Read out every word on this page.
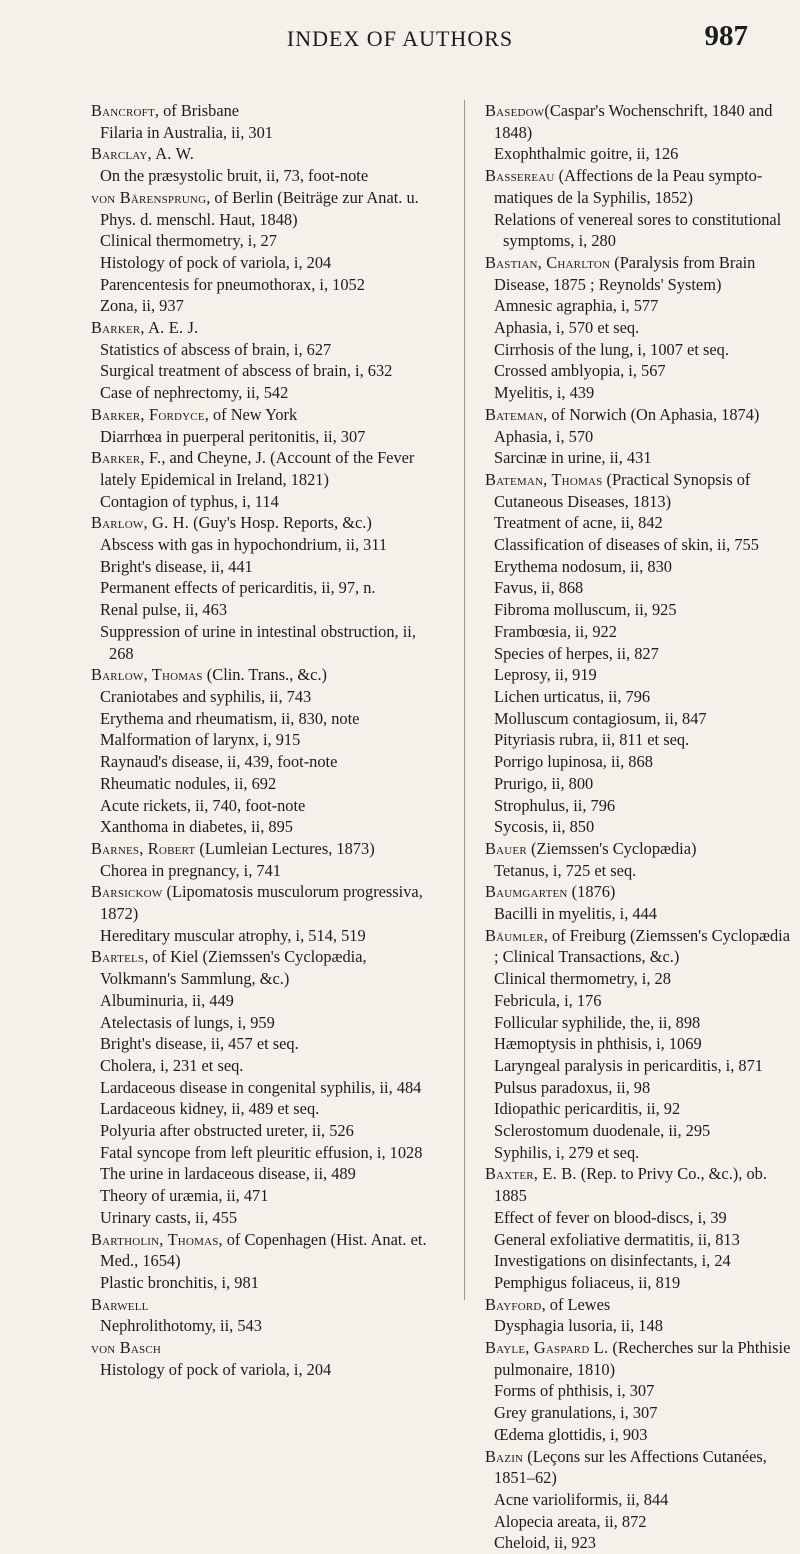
INDEX OF AUTHORS	987
Bancroft, of Brisbane
Filaria in Australia, ii, 301
Barclay, A. W.
On the præsystolic bruit, ii, 73, foot-note
von Bärensprung, of Berlin (Beiträge zur Anat. u. Phys. d. menschl. Haut, 1848)
Clinical thermometry, i, 27
Histology of pock of variola, i, 204
Parencentesis for pneumothorax, i, 1052
Zona, ii, 937
Barker, A. E. J.
Statistics of abscess of brain, i, 627
Surgical treatment of abscess of brain, i, 632
Case of nephrectomy, ii, 542
Barker, Fordyce, of New York
Diarrhœa in puerperal peritonitis, ii, 307
Barker, F., and Cheyne, J. (Account of the Fever lately Epidemical in Ireland, 1821)
Contagion of typhus, i, 114
Barlow, G. H. (Guy's Hosp. Reports, &c.)
Abscess with gas in hypochondrium, ii, 311
Bright's disease, ii, 441
Permanent effects of pericarditis, ii, 97, n.
Renal pulse, ii, 463
Suppression of urine in intestinal obstruction, ii, 268
Barlow, Thomas (Clin. Trans., &c.)
Craniotabes and syphilis, ii, 743
Erythema and rheumatism, ii, 830, note
Malformation of larynx, i, 915
Raynaud's disease, ii, 439, foot-note
Rheumatic nodules, ii, 692
Acute rickets, ii, 740, foot-note
Xanthoma in diabetes, ii, 895
Barnes, Robert (Lumleian Lectures, 1873)
Chorea in pregnancy, i, 741
Barsickow (Lipomatosis musculorum progressiva, 1872)
Hereditary muscular atrophy, i, 514, 519
Bartels, of Kiel (Ziemssen's Cyclopædia, Volkmann's Sammlung, &c.)
Albuminuria, ii, 449
Atelectasis of lungs, i, 959
Bright's disease, ii, 457 et seq.
Cholera, i, 231 et seq.
Lardaceous disease in congenital syphilis, ii, 484
Lardaceous kidney, ii, 489 et seq.
Polyuria after obstructed ureter, ii, 526
Fatal syncope from left pleuritic effusion, i, 1028
The urine in lardaceous disease, ii, 489
Theory of uræmia, ii, 471
Urinary casts, ii, 455
Bartholin, Thomas, of Copenhagen (Hist. Anat. et. Med., 1654)
Plastic bronchitis, i, 981
Barwell
Nephrolithotomy, ii, 543
von Basch
Histology of pock of variola, i, 204
Basedow(Caspar's Wochenschrift, 1840 and 1848)
Exophthalmic goitre, ii, 126
Bassereau (Affections de la Peau symptomatiques de la Syphilis, 1852)
Relations of venereal sores to constitutional symptoms, i, 280
Bastian, Charlton (Paralysis from Brain Disease, 1875 ; Reynolds' System)
Amnesic agraphia, i, 577
Aphasia, i, 570 et seq.
Cirrhosis of the lung, i, 1007 et seq.
Crossed amblyopia, i, 567
Myelitis, i, 439
Bateman, of Norwich (On Aphasia, 1874)
Aphasia, i, 570
Sarcinæ in urine, ii, 431
Bateman, Thomas (Practical Synopsis of Cutaneous Diseases, 1813)
Treatment of acne, ii, 842
Classification of diseases of skin, ii, 755
Erythema nodosum, ii, 830
Favus, ii, 868
Fibroma molluscum, ii, 925
Frambœsia, ii, 922
Species of herpes, ii, 827
Leprosy, ii, 919
Lichen urticatus, ii, 796
Molluscum contagiosum, ii, 847
Pityriasis rubra, ii, 811 et seq.
Porrigo lupinosa, ii, 868
Prurigo, ii, 800
Strophulus, ii, 796
Sycosis, ii, 850
Bauer (Ziemssen's Cyclopædia)
Tetanus, i, 725 et seq.
Baumgarten (1876)
Bacilli in myelitis, i, 444
Bäumler, of Freiburg (Ziemssen's Cyclopædia ; Clinical Transactions, &c.)
Clinical thermometry, i, 28
Febricula, i, 176
Follicular syphilide, the, ii, 898
Hæmoptysis in phthisis, i, 1069
Laryngeal paralysis in pericarditis, i, 871
Pulsus paradoxus, ii, 98
Idiopathic pericarditis, ii, 92
Sclerostomum duodenale, ii, 295
Syphilis, i, 279 et seq.
Baxter, E. B. (Rep. to Privy Co., &c.), ob. 1885
Effect of fever on blood-discs, i, 39
General exfoliative dermatitis, ii, 813
Investigations on disinfectants, i, 24
Pemphigus foliaceus, ii, 819
Bayford, of Lewes
Dysphagia lusoria, ii, 148
Bayle, Gaspard L. (Recherches sur la Phthisie pulmonaire, 1810)
Forms of phthisis, i, 307
Grey granulations, i, 307
Œdema glottidis, i, 903
Bazin (Leçons sur les Affections Cutanées, 1851–62)
Acne varioliformis, ii, 844
Alopecia areata, ii, 872
Cheloid, ii, 923
